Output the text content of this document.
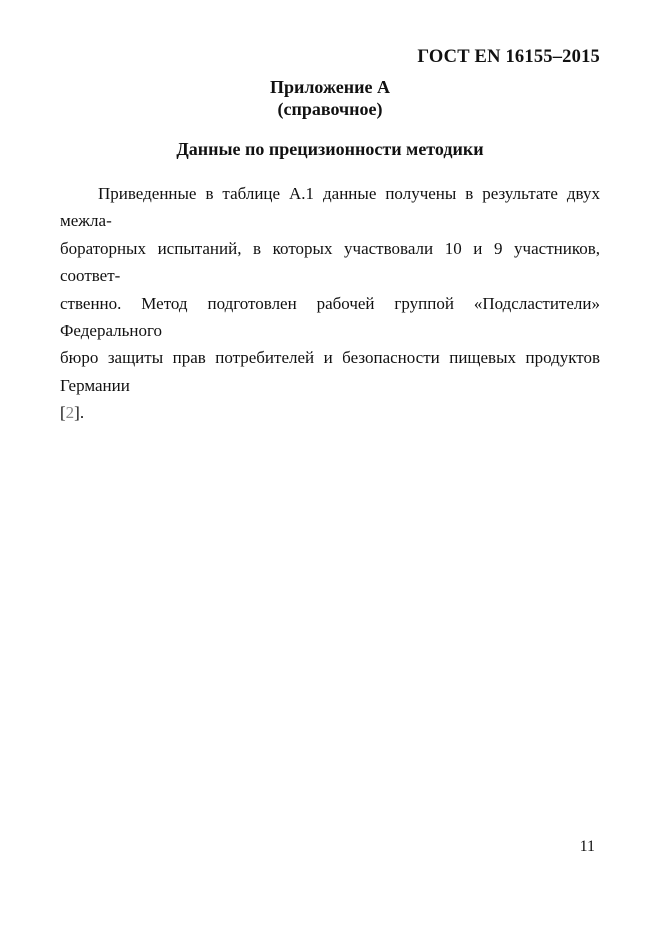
ГОСТ EN 16155–2015
Приложение А
(справочное)
Данные по прецизионности методики
Приведенные в таблице А.1 данные получены в результате двух межла-
бораторных испытаний, в которых участвовали 10 и 9 участников, соответ-
ственно. Метод подготовлен рабочей группой «Подсластители» Федерального
бюро защиты прав потребителей и безопасности пищевых продуктов Германии
[2].
11
